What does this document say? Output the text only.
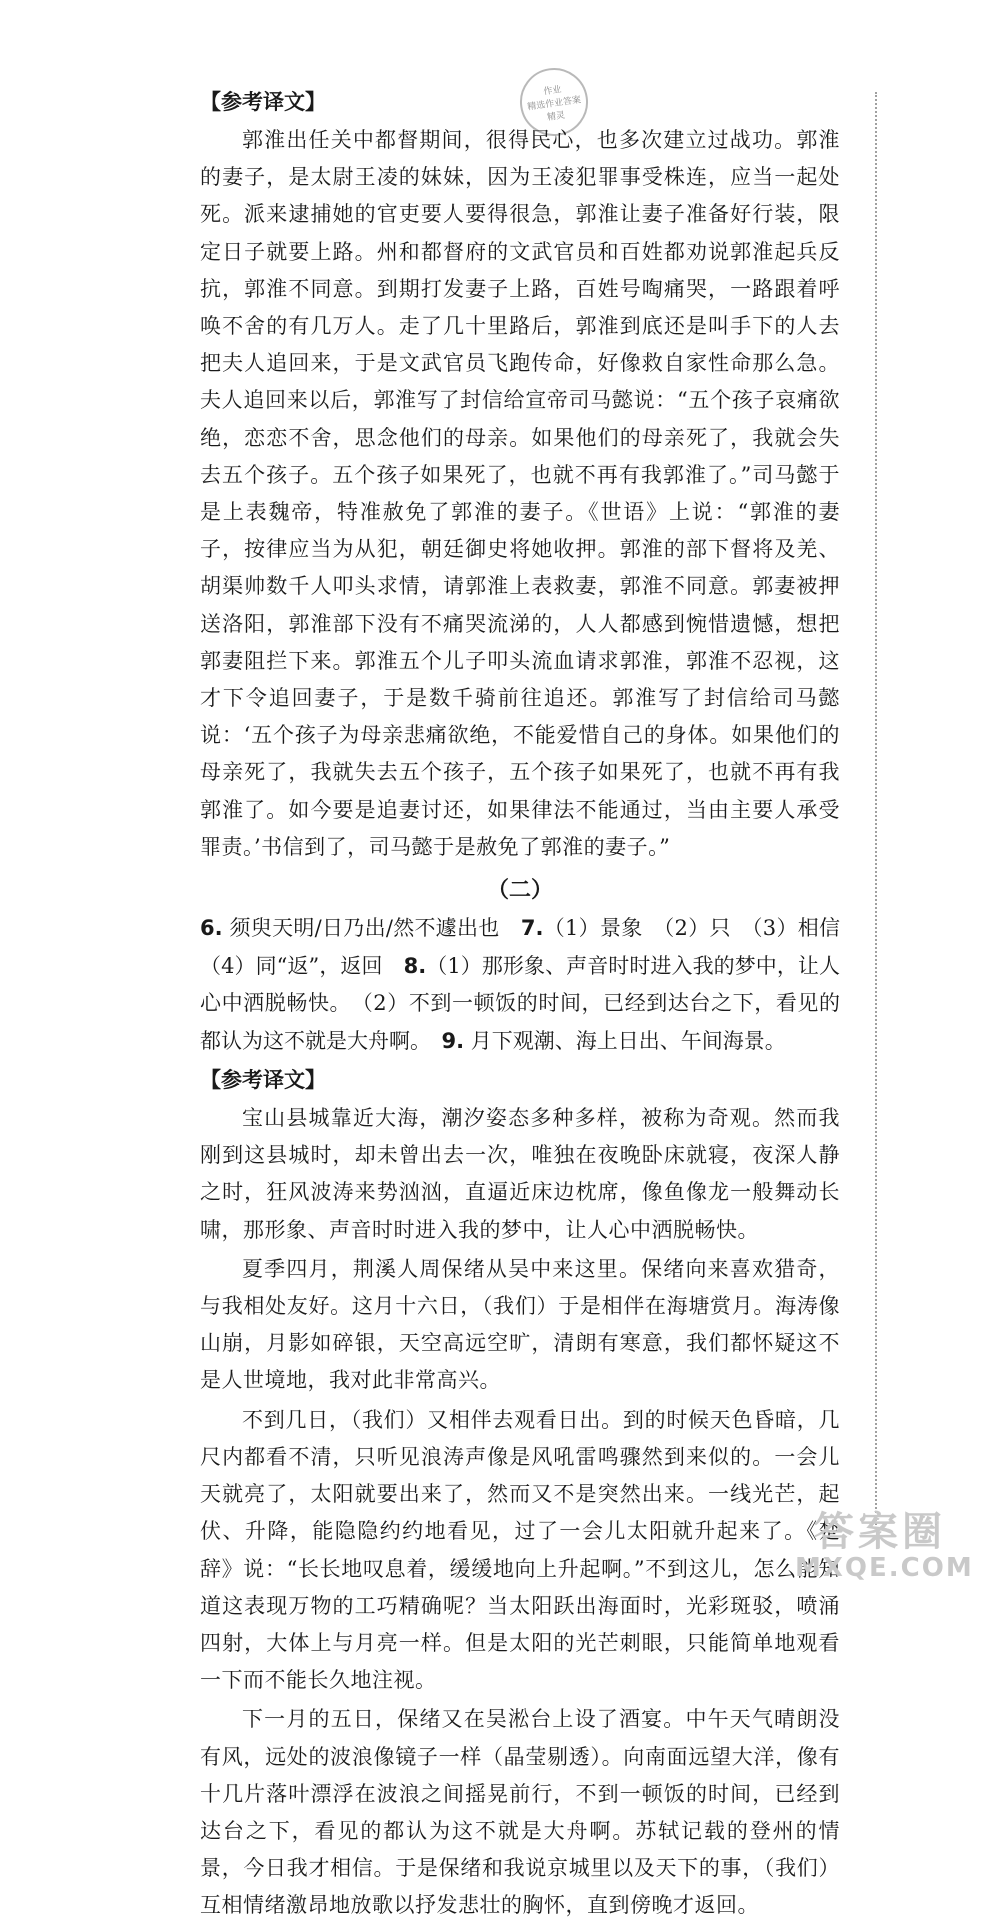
作业
精选作业答案
精灵

【参考译文】

郭淮出任关中都督期间，很得民心，也多次建立过战功。郭淮的妻子，是太尉王凌的妹妹，因为王凌犯罪事受株连，应当一起处死。派来逮捕她的官吏要人要得很急，郭淮让妻子准备好行装，限定日子就要上路。州和都督府的文武官员和百姓都劝说郭淮起兵反抗，郭淮不同意。到期打发妻子上路，百姓号啕痛哭，一路跟着呼唤不舍的有几万人。走了几十里路后，郭淮到底还是叫手下的人去把夫人追回来，于是文武官员飞跑传命，好像救自家性命那么急。夫人追回来以后，郭淮写了封信给宣帝司马懿说：“五个孩子哀痛欲绝，恋恋不舍，思念他们的母亲。如果他们的母亲死了，我就会失去五个孩子。五个孩子如果死了，也就不再有我郭淮了。”司马懿于是上表魏帝，特准赦免了郭淮的妻子。《世语》上说：“郭淮的妻子，按律应当为从犯，朝廷御史将她收押。郭淮的部下督将及羌、胡渠帅数千人叩头求情，请郭淮上表救妻，郭淮不同意。郭妻被押送洛阳，郭淮部下没有不痛哭流涕的，人人都感到惋惜遗憾，想把郭妻阻拦下来。郭淮五个儿子叩头流血请求郭淮，郭淮不忍视，这才下令追回妻子，于是数千骑前往追还。郭淮写了封信给司马懿说：‘五个孩子为母亲悲痛欲绝，不能爱惜自己的身体。如果他们的母亲死了，我就失去五个孩子，五个孩子如果死了，也就不再有我郭淮了。如今要是追妻讨还，如果律法不能通过，当由主要人承受罪责。’书信到了，司马懿于是赦免了郭淮的妻子。”

（二）

6. 须臾天明/日乃出/然不遽出也　 7.（1）景象　（2）只　（3）相信　（4）同“返”，返回　 8.（1）那形象、声音时时进入我的梦中，让人心中洒脱畅快。　（2）不到一顿饭的时间，已经到达台之下，看见的都认为这不就是大舟啊。　 9. 月下观潮、海上日出、午间海景。

【参考译文】

宝山县城靠近大海，潮汐姿态多种多样，被称为奇观。然而我刚到这县城时，却未曾出去一次，唯独在夜晚卧床就寝，夜深人静之时，狂风波涛来势汹汹，直逼近床边枕席，像鱼像龙一般舞动长啸，那形象、声音时时进入我的梦中，让人心中洒脱畅快。

夏季四月，荆溪人周保绪从吴中来这里。保绪向来喜欢猎奇，与我相处友好。这月十六日，（我们）于是相伴在海塘赏月。海涛像山崩，月影如碎银，天空高远空旷，清朗有寒意，我们都怀疑这不是人世境地，我对此非常高兴。

不到几日，（我们）又相伴去观看日出。到的时候天色昏暗，几尺内都看不清，只听见浪涛声像是风吼雷鸣骤然到来似的。一会儿天就亮了，太阳就要出来了，然而又不是突然出来。一线光芒，起伏、升降，能隐隐约约地看见，过了一会儿太阳就升起来了。《楚辞》说：“长长地叹息着，缓缓地向上升起啊。”不到这儿，怎么能知道这表现万物的工巧精确呢？当太阳跃出海面时，光彩斑驳，喷涌四射，大体上与月亮一样。但是太阳的光芒刺眼，只能简单地观看一下而不能长久地注视。

下一月的五日，保绪又在吴淞台上设了酒宴。中午天气晴朗没有风，远处的波浪像镜子一样（晶莹剔透）。向南面远望大洋，像有十几片落叶漂浮在波浪之间摇晃前行，不到一顿饭的时间，已经到达台之下，看见的都认为这不就是大舟啊。苏轼记载的登州的情景，今日我才相信。于是保绪和我说京城里以及天下的事，（我们）互相情绪激昂地放歌以抒发悲壮的胸怀，直到傍晚才返回。

答案圈
MXQE.COM
